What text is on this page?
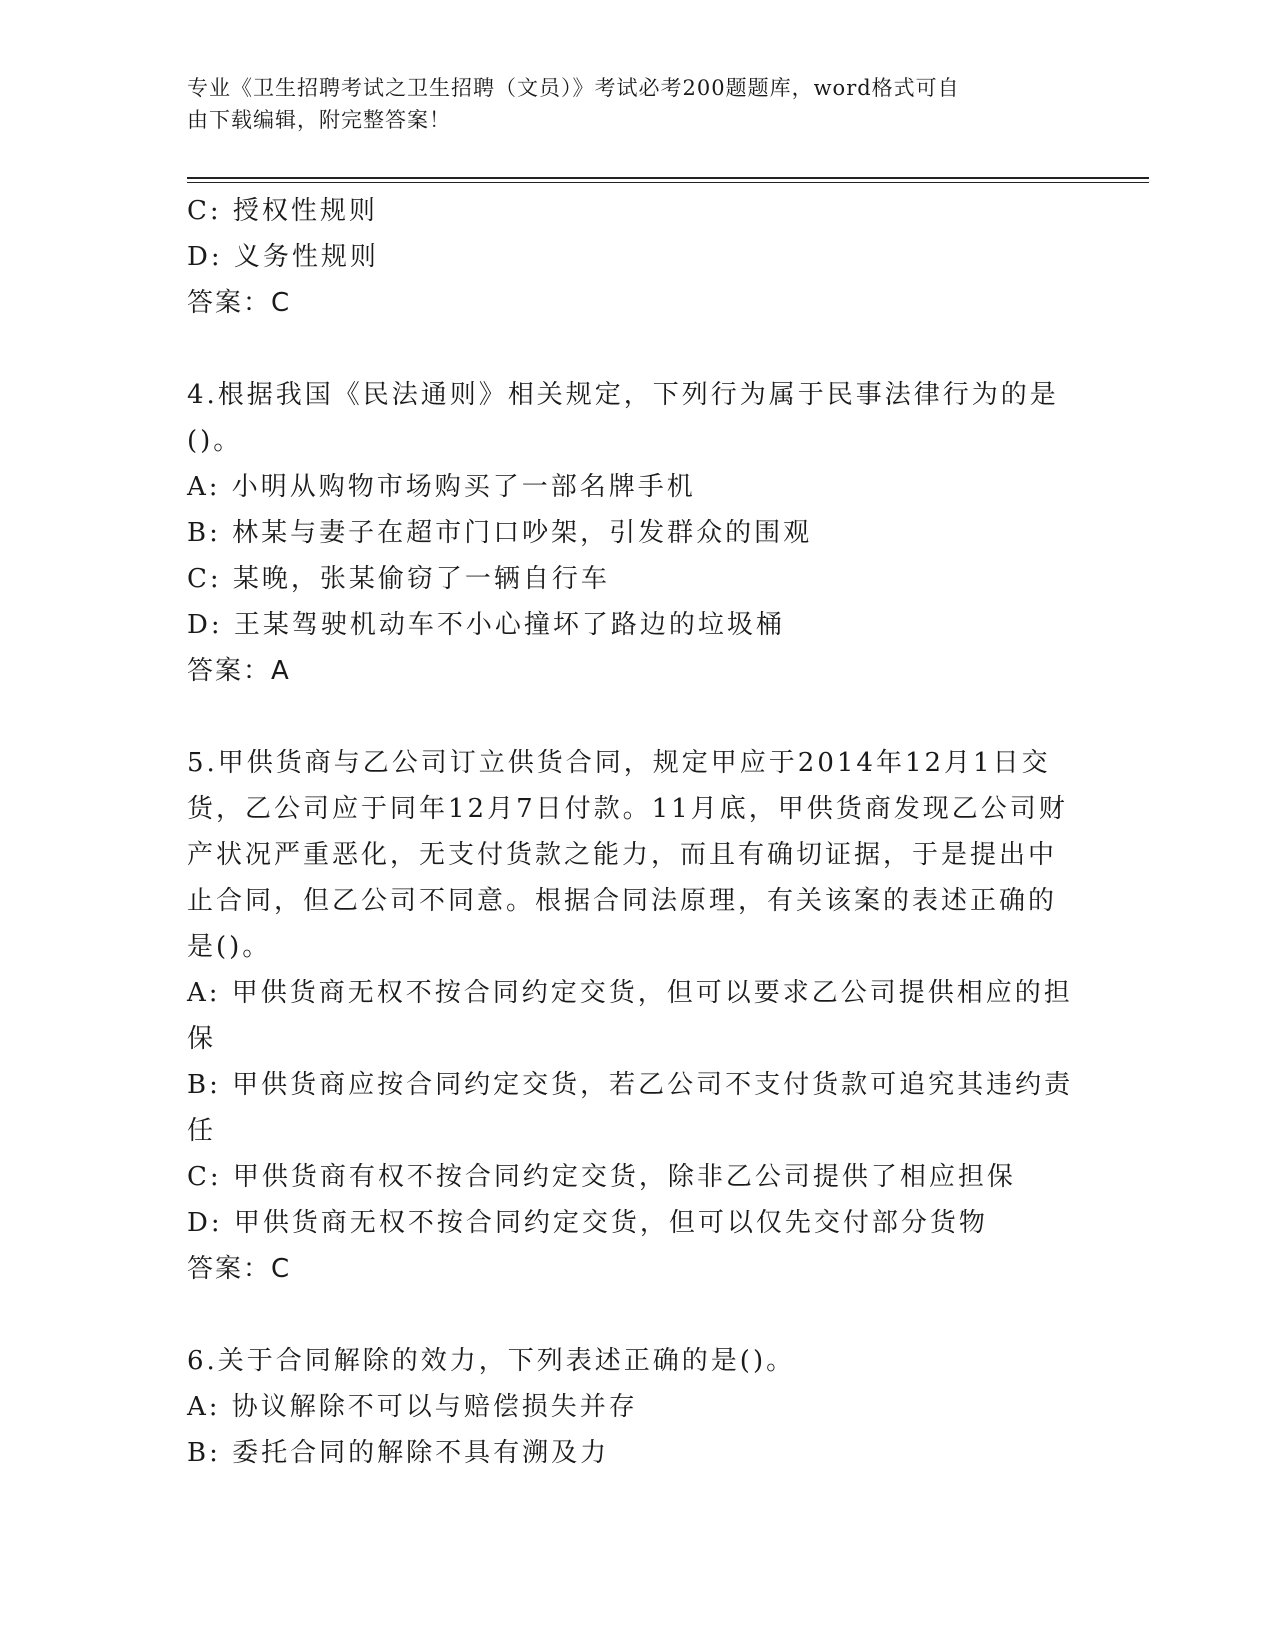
专业《卫生招聘考试之卫生招聘（文员）》考试必考200题题库，word格式可自
由下载编辑，附完整答案！
C: 授权性规则
D: 义务性规则
答案：C
4.根据我国《民法通则》相关规定，下列行为属于民事法律行为的是
()。
A: 小明从购物市场购买了一部名牌手机
B: 林某与妻子在超市门口吵架，引发群众的围观
C: 某晚，张某偷窃了一辆自行车
D: 王某驾驶机动车不小心撞坏了路边的垃圾桶
答案：A
5.甲供货商与乙公司订立供货合同，规定甲应于2014年12月1日交
货，乙公司应于同年12月7日付款。11月底，甲供货商发现乙公司财
产状况严重恶化，无支付货款之能力，而且有确切证据，于是提出中
止合同，但乙公司不同意。根据合同法原理，有关该案的表述正确的
是()。
A: 甲供货商无权不按合同约定交货，但可以要求乙公司提供相应的担
保
B: 甲供货商应按合同约定交货，若乙公司不支付货款可追究其违约责
任
C: 甲供货商有权不按合同约定交货，除非乙公司提供了相应担保
D: 甲供货商无权不按合同约定交货，但可以仅先交付部分货物
答案：C
6.关于合同解除的效力，下列表述正确的是()。
A: 协议解除不可以与赔偿损失并存
B: 委托合同的解除不具有溯及力
